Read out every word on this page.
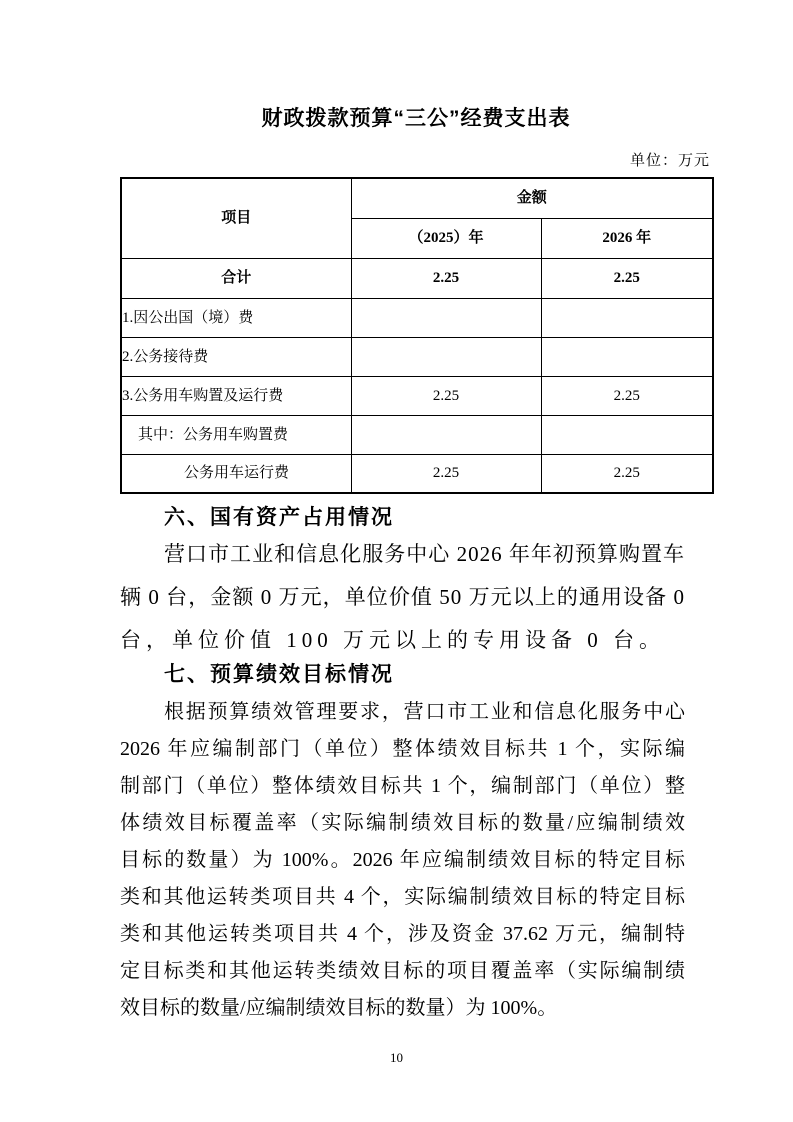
财政拨款预算“三公”经费支出表
单位：万元
项目	金额	
	（2025）年	2026 年
合计	2.25	2.25
1.因公出国（境）费		
2.公务接待费		
3.公务用车购置及运行费	2.25	2.25
其中：公务用车购置费		
公务用车运行费	2.25	2.25
六、国有资产占用情况
营口市工业和信息化服务中心 2026 年年初预算购置车
辆 0 台，金额 0 万元，单位价值 50 万元以上的通用设备 0
台，单位价值 100 万元以上的专用设备 0 台。
七、预算绩效目标情况
根据预算绩效管理要求，营口市工业和信息化服务中心
2026 年应编制部门（单位）整体绩效目标共 1 个，实际编
制部门（单位）整体绩效目标共 1 个，编制部门（单位）整
体绩效目标覆盖率（实际编制绩效目标的数量/应编制绩效
目标的数量）为 100%。2026 年应编制绩效目标的特定目标
类和其他运转类项目共 4 个，实际编制绩效目标的特定目标
类和其他运转类项目共 4 个，涉及资金 37.62 万元，编制特
定目标类和其他运转类绩效目标的项目覆盖率（实际编制绩
效目标的数量/应编制绩效目标的数量）为 100%。
10
